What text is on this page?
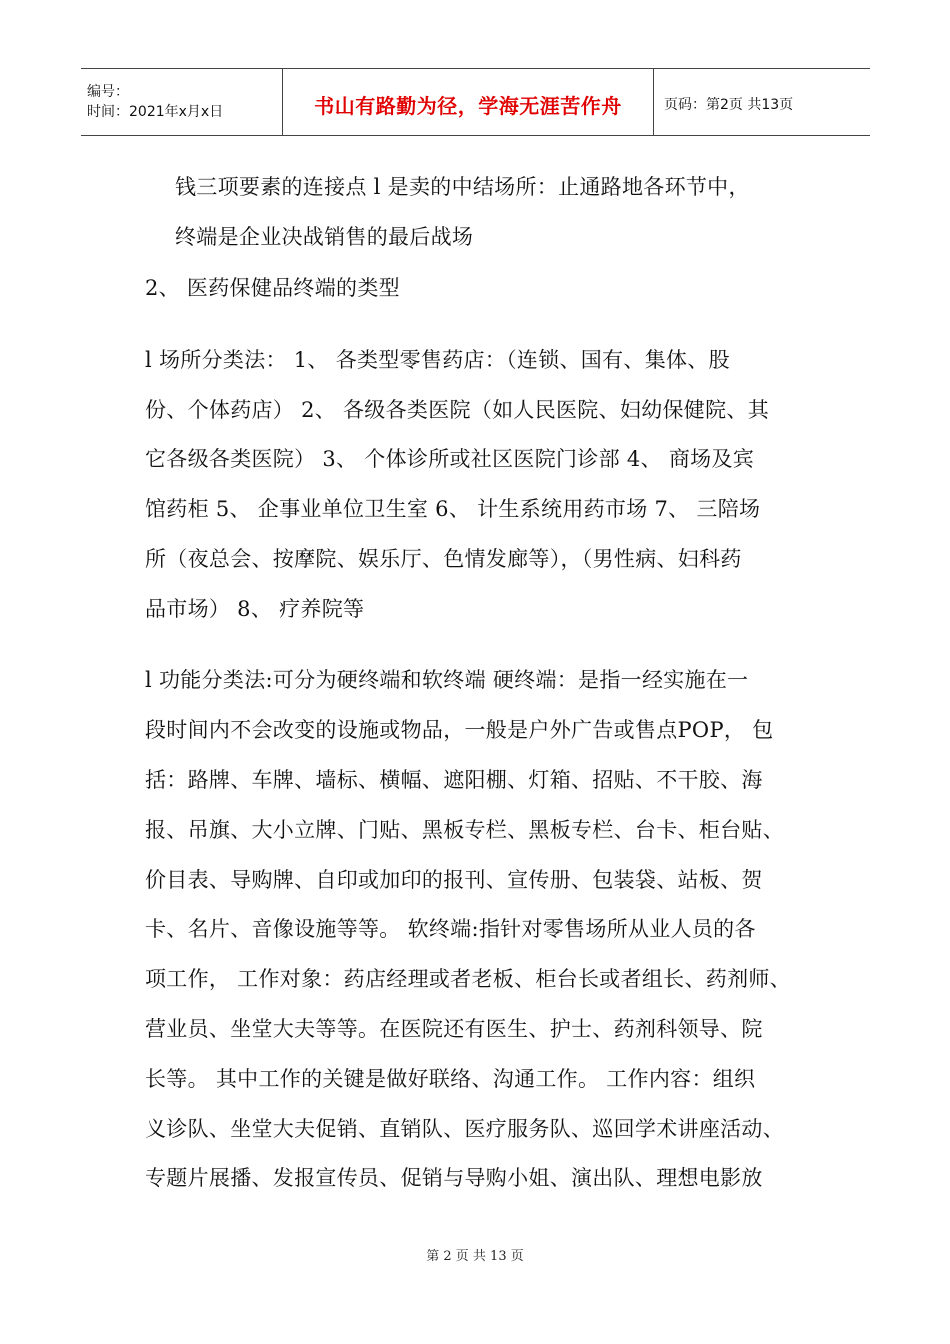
编号：
时间：2021年x月x日	书山有路勤为径，学海无涯苦作舟	页码：第2页 共13页
钱三项要素的连接点 l 是卖的中结场所：止通路地各环节中，
终端是企业决战销售的最后战场
2、 医药保健品终端的类型
l 场所分类法： 1、 各类型零售药店：（连锁、国有、集体、股
份、个体药店） 2、 各级各类医院（如人民医院、妇幼保健院、其
它各级各类医院） 3、 个体诊所或社区医院门诊部 4、 商场及宾
馆药柜 5、 企事业单位卫生室 6、 计生系统用药市场 7、 三陪场
所（夜总会、按摩院、娱乐厅、色情发廊等），（男性病、妇科药
品市场） 8、 疗养院等
l 功能分类法:可分为硬终端和软终端 硬终端：是指一经实施在一
段时间内不会改变的设施或物品，一般是户外广告或售点POP， 包
括：路牌、车牌、墙标、横幅、遮阳棚、灯箱、招贴、不干胶、海
报、吊旗、大小立牌、门贴、黑板专栏、黑板专栏、台卡、柜台贴、
价目表、导购牌、自印或加印的报刊、宣传册、包装袋、站板、贺
卡、名片、音像设施等等。 软终端:指针对零售场所从业人员的各
项工作， 工作对象：药店经理或者老板、柜台长或者组长、药剂师、
营业员、坐堂大夫等等。在医院还有医生、护士、药剂科领导、院
长等。 其中工作的关键是做好联络、沟通工作。 工作内容：组织
义诊队、坐堂大夫促销、直销队、医疗服务队、巡回学术讲座活动、
专题片展播、发报宣传员、促销与导购小姐、演出队、理想电影放
第 2 页 共 13 页
